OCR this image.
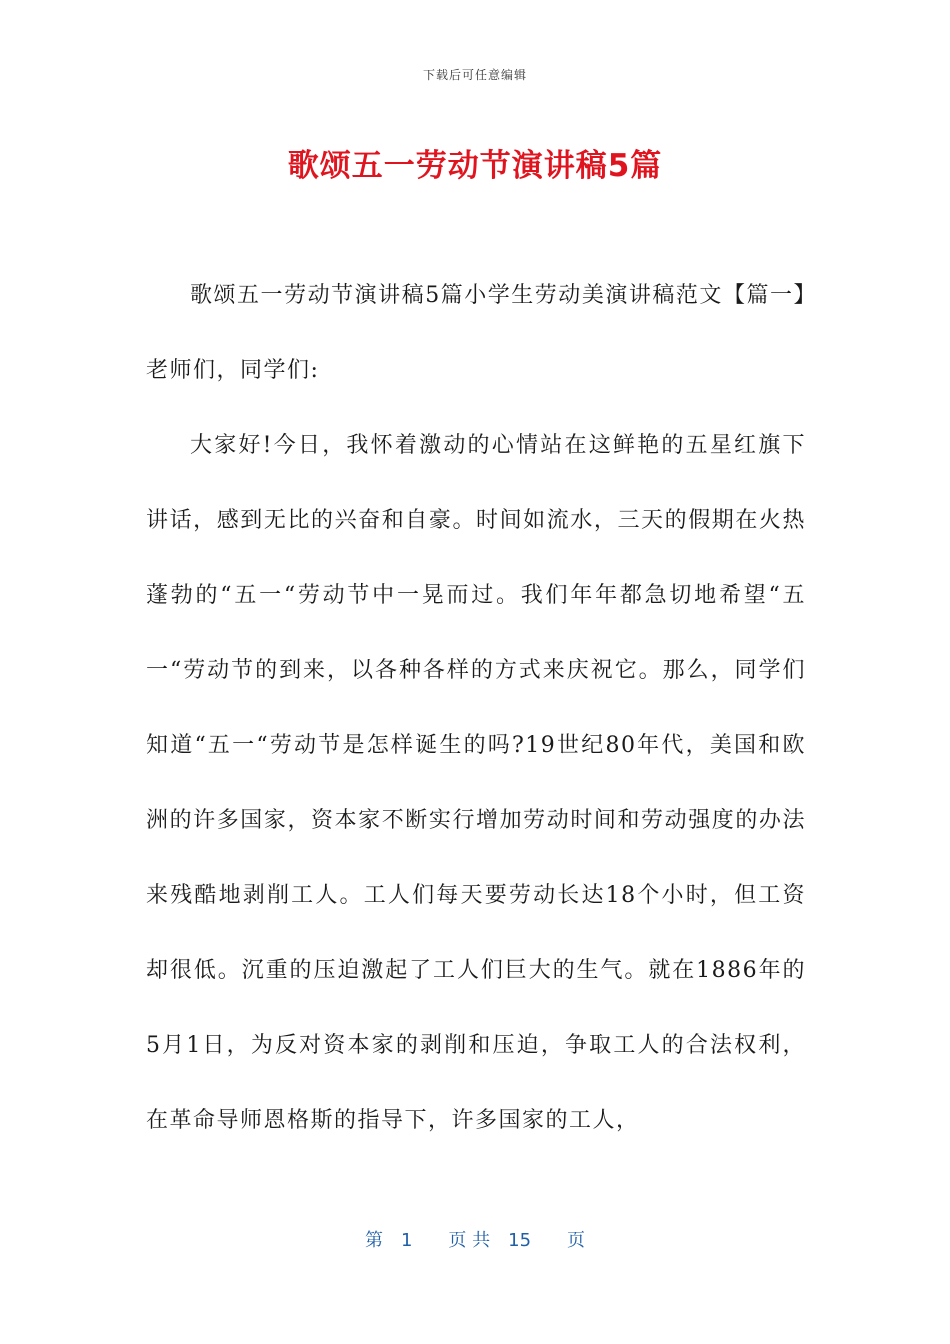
下载后可任意编辑
歌颂五一劳动节演讲稿5篇

歌颂五一劳动节演讲稿5篇小学生劳动美演讲稿范文【篇一】老师们，同学们:

大家好!今日，我怀着激动的心情站在这鲜艳的五星红旗下讲话，感到无比的兴奋和自豪。时间如流水，三天的假期在火热蓬勃的“五一“劳动节中一晃而过。我们年年都急切地希望“五一“劳动节的到来，以各种各样的方式来庆祝它。那么，同学们知道“五一“劳动节是怎样诞生的吗?19世纪80年代，美国和欧洲的许多国家，资本家不断实行增加劳动时间和劳动强度的办法来残酷地剥削工人。工人们每天要劳动长达18个小时，但工资却很低。沉重的压迫激起了工人们巨大的生气。就在1886年的5月1日，为反对资本家的剥削和压迫，争取工人的合法权利，在革命导师恩格斯的指导下，许多国家的工人，

第　1　　页 共　15　　页
